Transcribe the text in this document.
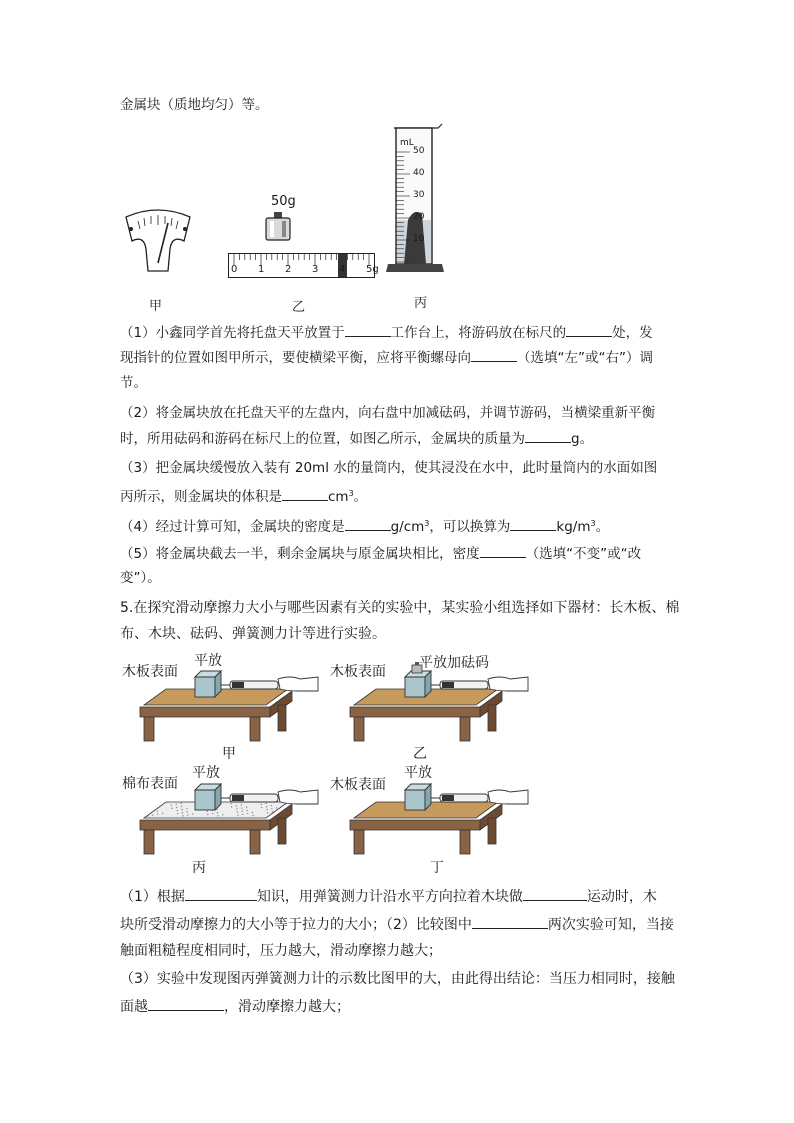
金属块（质地均匀）等。
50g
0 1 2 3 4 5g
mL
50
40
30
20
10
甲	乙	丙
（1）小鑫同学首先将托盘天平放置于	工作台上，将游码放在标尺的	处，发
现指针的位置如图甲所示，要使横梁平衡，应将平衡螺母向	（选填“左”或“右”）调
节。
（2）将金属块放在托盘天平的左盘内，向右盘中加减砝码，并调节游码，当横梁重新平衡
时，所用砝码和游码在标尺上的位置，如图乙所示，金属块的质量为	g。
（3）把金属块缓慢放入装有 20ml 水的量筒内，使其浸没在水中，此时量筒内的水面如图
丙所示，则金属块的体积是	$cm^3$。
（4）经过计算可知，金属块的密度是	$g/cm^3$，可以换算为	$kg/m^3$。
（5）将金属块截去一半，剩余金属块与原金属块相比，密度	（选填“不变”或“改
变”）。
5.在探究滑动摩擦力大小与哪些因素有关的实验中，某实验小组选择如下器材：长木板、棉
布、木块、砝码、弹簧测力计等进行实验。
木板表面
平放
甲
木板表面
平放加砝码
乙
棉布表面
平放
丙
木板表面
平放
丁
（1）根据	知识，用弹簧测力计沿水平方向拉着木块做	运动时，木
块所受滑动摩擦力的大小等于拉力的大小；（2）比较图中	两次实验可知，当接
触面粗糙程度相同时，压力越大，滑动摩擦力越大；
（3）实验中发现图丙弹簧测力计的示数比图甲的大，由此得出结论：当压力相同时，接触
面越	，滑动摩擦力越大；
